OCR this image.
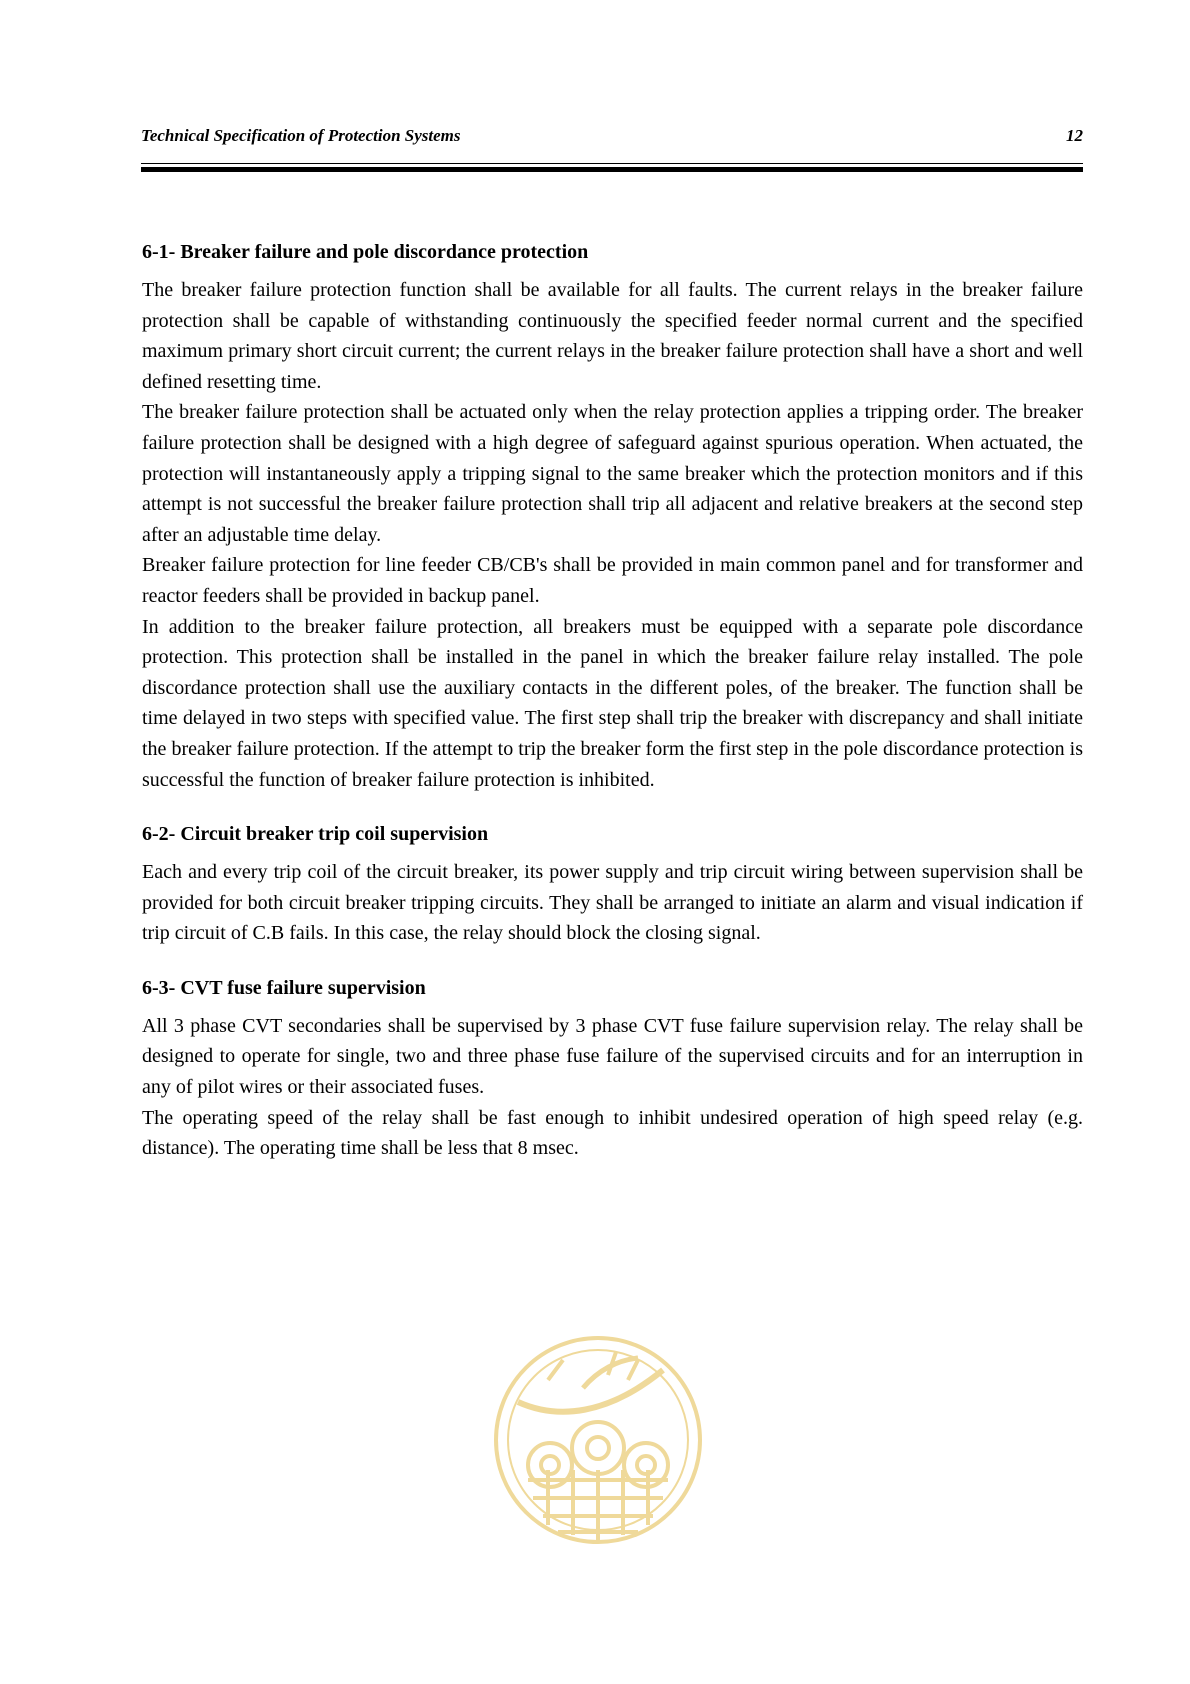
Technical Specification of Protection Systems	12
6-1- Breaker failure and pole discordance protection

The breaker failure protection function shall be available for all faults. The current relays in the breaker failure protection shall be capable of withstanding continuously the specified feeder normal current and the specified maximum primary short circuit current; the current relays in the breaker failure protection shall have a short and well defined resetting time.

The breaker failure protection shall be actuated only when the relay protection applies a tripping order. The breaker failure protection shall be designed with a high degree of safeguard against spurious operation. When actuated, the protection will instantaneously apply a tripping signal to the same breaker which the protection monitors and if this attempt is not successful the breaker failure protection shall trip all adjacent and relative breakers at the second step after an adjustable time delay.

Breaker failure protection for line feeder CB/CB's shall be provided in main common panel and for transformer and reactor feeders shall be provided in backup panel.

In addition to the breaker failure protection, all breakers must be equipped with a separate pole discordance protection. This protection shall be installed in the panel in which the breaker failure relay installed. The pole discordance protection shall use the auxiliary contacts in the different poles, of the breaker. The function shall be time delayed in two steps with specified value. The first step shall trip the breaker with discrepancy and shall initiate the breaker failure protection. If the attempt to trip the breaker form the first step in the pole discordance protection is successful the function of breaker failure protection is inhibited.

6-2- Circuit breaker trip coil supervision

Each and every trip coil of the circuit breaker, its power supply and trip circuit wiring between supervision shall be provided for both circuit breaker tripping circuits. They shall be arranged to initiate an alarm and visual indication if trip circuit of C.B fails. In this case, the relay should block the closing signal.

6-3- CVT fuse failure supervision

All 3 phase CVT secondaries shall be supervised by 3 phase CVT fuse failure supervision relay. The relay shall be designed to operate for single, two and three phase fuse failure of the supervised circuits and for an interruption in any of pilot wires or their associated fuses.

The operating speed of the relay shall be fast enough to inhibit undesired operation of high speed relay (e.g. distance). The operating time shall be less that 8 msec.
